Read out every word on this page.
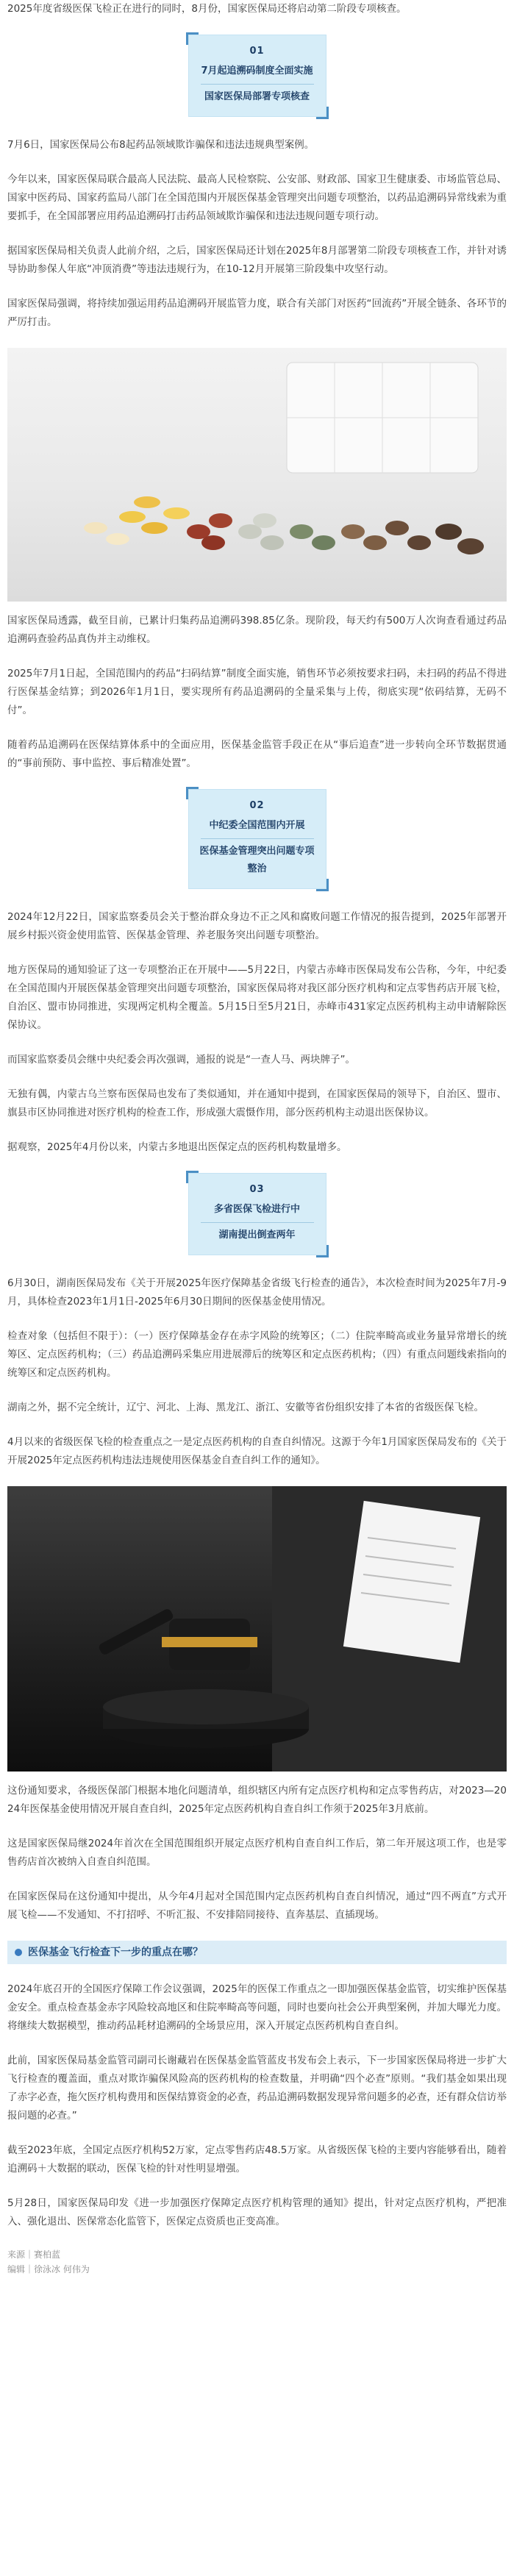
2025年度省级医保飞检正在进行的同时，8月份，国家医保局还将启动第二阶段专项核查。

01
7月起追溯码制度全面实施
国家医保局部署专项核查

7月6日，国家医保局公布8起药品领域欺诈骗保和违法违规典型案例。

今年以来，国家医保局联合最高人民法院、最高人民检察院、公安部、财政部、国家卫生健康委、市场监管总局、国家中医药局、国家药监局八部门在全国范围内开展医保基金管理突出问题专项整治，以药品追溯码异常线索为重要抓手，在全国部署应用药品追溯码打击药品领域欺诈骗保和违法违规问题专项行动。

据国家医保局相关负责人此前介绍，之后，国家医保局还计划在2025年8月部署第二阶段专项核查工作，并针对诱导协助参保人年底“冲顶消费”等违法违规行为，在10-12月开展第三阶段集中攻坚行动。

国家医保局强调，将持续加强运用药品追溯码开展监管力度，联合有关部门对医药“回流药”开展全链条、各环节的严厉打击。

国家医保局透露，截至目前，已累计归集药品追溯码398.85亿条。现阶段，每天约有500万人次询查看通过药品追溯码查验药品真伪并主动维权。

2025年7月1日起，全国范围内的药品“扫码结算”制度全面实施，销售环节必须按要求扫码，未扫码的药品不得进行医保基金结算；到2026年1月1日，要实现所有药品追溯码的全量采集与上传，彻底实现“依码结算，无码不付”。

随着药品追溯码在医保结算体系中的全面应用，医保基金监管手段正在从“事后追查”进一步转向全环节数据贯通的“事前预防、事中监控、事后精准处置”。

02
中纪委全国范围内开展
医保基金管理突出问题专项整治

2024年12月22日，国家监察委员会关于整治群众身边不正之风和腐败问题工作情况的报告提到，2025年部署开展乡村振兴资金使用监管、医保基金管理、养老服务突出问题专项整治。

地方医保局的通知验证了这一专项整治正在开展中——5月22日，内蒙古赤峰市医保局发布公告称，今年，中纪委在全国范围内开展医保基金管理突出问题专项整治，国家医保局将对我区部分医疗机构和定点零售药店开展飞检，自治区、盟市协同推进，实现两定机构全覆盖。5月15日至5月21日，赤峰市431家定点医药机构主动申请解除医保协议。

而国家监察委员会继中央纪委会再次强调，通报的说是“一查人马、两块牌子”。

无独有偶，内蒙古乌兰察布医保局也发布了类似通知，并在通知中提到，在国家医保局的领导下，自治区、盟市、旗县市区协同推进对医疗机构的检查工作，形成强大震慑作用，部分医药机构主动退出医保协议。

据观察，2025年4月份以来，内蒙古多地退出医保定点的医药机构数量增多。

03
多省医保飞检进行中
湖南提出倒查两年

6月30日，湖南医保局发布《关于开展2025年医疗保障基金省级飞行检查的通告》，本次检查时间为2025年7月-9月，具体检查2023年1月1日-2025年6月30日期间的医保基金使用情况。

检查对象（包括但不限于）：（一）医疗保障基金存在赤字风险的统筹区；（二）住院率畸高或业务量异常增长的统筹区、定点医药机构；（三）药品追溯码采集应用进展滞后的统筹区和定点医药机构；（四）有重点问题线索指向的统筹区和定点医药机构。

湖南之外，据不完全统计，辽宁、河北、上海、黑龙江、浙江、安徽等省份组织安排了本省的省级医保飞检。

4月以来的省级医保飞检的检查重点之一是定点医药机构的自查自纠情况。这源于今年1月国家医保局发布的《关于开展2025年定点医药机构违法违规使用医保基金自查自纠工作的通知》。

这份通知要求，各级医保部门根据本地化问题清单，组织辖区内所有定点医疗机构和定点零售药店，对2023—2024年医保基金使用情况开展自查自纠，2025年定点医药机构自查自纠工作须于2025年3月底前。

这是国家医保局继2024年首次在全国范围组织开展定点医疗机构自查自纠工作后，第二年开展这项工作，也是零售药店首次被纳入自查自纠范围。

在国家医保局在这份通知中提出，从今年4月起对全国范围内定点医药机构自查自纠情况，通过“四不两直”方式开展飞检——不发通知、不打招呼、不听汇报、不安排陪同接待、直奔基层、直插现场。

医保基金飞行检查下一步的重点在哪？

2024年底召开的全国医疗保障工作会议强调，2025年的医保工作重点之一即加强医保基金监管，切实维护医保基金安全。重点检查基金赤字风险较高地区和住院率畸高等问题，同时也要向社会公开典型案例，并加大曝光力度。将继续大数据模型，推动药品耗材追溯码的全场景应用，深入开展定点医药机构自查自纠。

此前，国家医保局基金监管司副司长谢藏岩在医保基金监管蓝皮书发布会上表示，下一步国家医保局将进一步扩大飞行检查的覆盖面，重点对欺诈骗保风险高的医药机构的检查数量，并明确“四个必查”原则。“我们基金如果出现了赤字必查，拖欠医疗机构费用和医保结算资金的必查，药品追溯码数据发现异常问题多的必查，还有群众信访举报问题的必查。”

截至2023年底，全国定点医疗机构52万家，定点零售药店48.5万家。从省级医保飞检的主要内容能够看出，随着追溯码＋大数据的联动，医保飞检的针对性明显增强。

5月28日，国家医保局印发《进一步加强医疗保障定点医疗机构管理的通知》提出，针对定点医疗机构，严把准入、强化退出、医保常态化监管下，医保定点资质也正变高准。

来源｜赛柏蓝
编辑｜徐泳冰 何伟为
